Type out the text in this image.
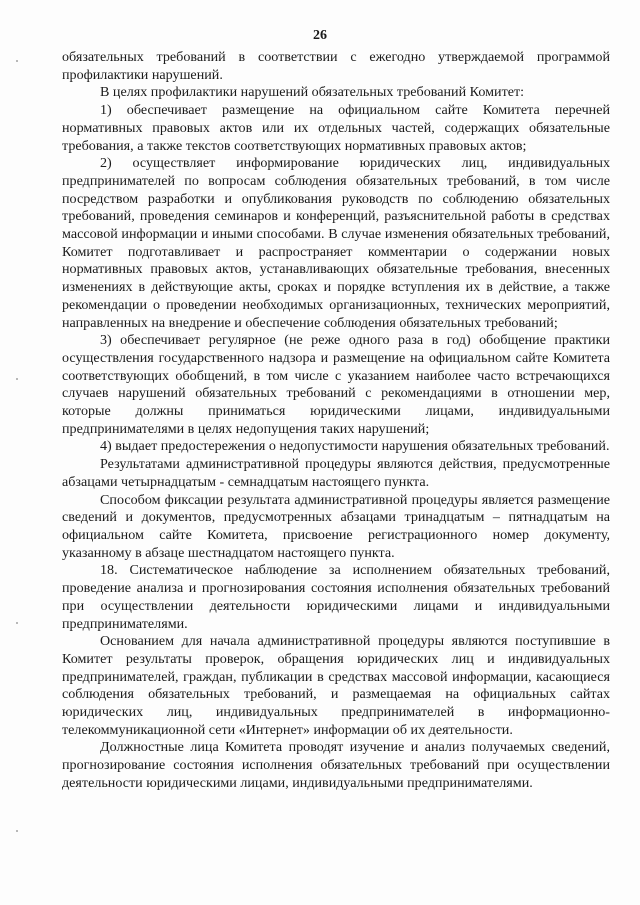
26

обязательных требований в соответствии с ежегодно утверждаемой программой профилактики нарушений.

В целях профилактики нарушений обязательных требований Комитет:

1) обеспечивает размещение на официальном сайте Комитета перечней нормативных правовых актов или их отдельных частей, содержащих обязательные требования, а также текстов соответствующих нормативных правовых актов;

2) осуществляет информирование юридических лиц, индивидуальных предпринимателей по вопросам соблюдения обязательных требований, в том числе посредством разработки и опубликования руководств по соблюдению обязательных требований, проведения семинаров и конференций, разъяснительной работы в средствах массовой информации и иными способами. В случае изменения обязательных требований, Комитет подготавливает и распространяет комментарии о содержании новых нормативных правовых актов, устанавливающих обязательные требования, внесенных изменениях в действующие акты, сроках и порядке вступления их в действие, а также рекомендации о проведении необходимых организационных, технических мероприятий, направленных на внедрение и обеспечение соблюдения обязательных требований;

3) обеспечивает регулярное (не реже одного раза в год) обобщение практики осуществления государственного надзора и размещение на официальном сайте Комитета соответствующих обобщений, в том числе с указанием наиболее часто встречающихся случаев нарушений обязательных требований с рекомендациями в отношении мер, которые должны приниматься юридическими лицами, индивидуальными предпринимателями в целях недопущения таких нарушений;

4) выдает предостережения о недопустимости нарушения обязательных требований.

Результатами административной процедуры являются действия, предусмотренные абзацами четырнадцатым - семнадцатым настоящего пункта.

Способом фиксации результата административной процедуры является размещение сведений и документов, предусмотренных абзацами тринадцатым – пятнадцатым на официальном сайте Комитета, присвоение регистрационного номер документу, указанному в абзаце шестнадцатом настоящего пункта.

18. Систематическое наблюдение за исполнением обязательных требований, проведение анализа и прогнозирования состояния исполнения обязательных требований при осуществлении деятельности юридическими лицами и индивидуальными предпринимателями.

Основанием для начала административной процедуры являются поступившие в Комитет результаты проверок, обращения юридических лиц и индивидуальных предпринимателей, граждан, публикации в средствах массовой информации, касающиеся соблюдения обязательных требований, и размещаемая на официальных сайтах юридических лиц, индивидуальных предпринимателей в информационно-телекоммуникационной сети «Интернет» информации об их деятельности.

Должностные лица Комитета проводят изучение и анализ получаемых сведений, прогнозирование состояния исполнения обязательных требований при осуществлении деятельности юридическими лицами, индивидуальными предпринимателями.
